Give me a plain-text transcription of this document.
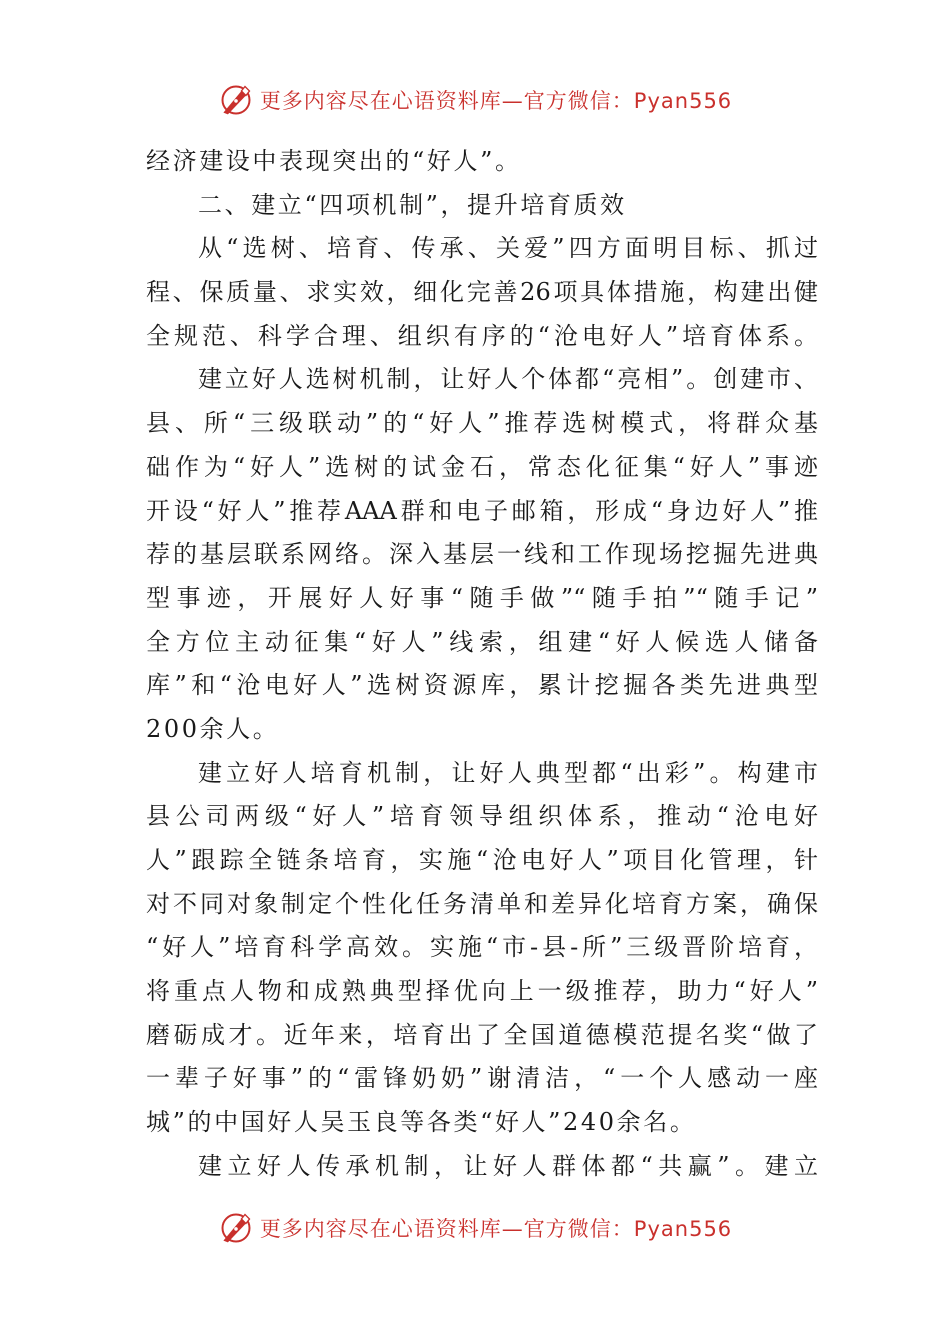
更多内容尽在心语资料库—官方微信：Pyan556
经济建设中表现突出的“好人”。
二、建立“四项机制”，提升培育质效
从“选树、培育、传承、关爱”四方面明目标、抓过
程、保质量、求实效，细化完善26项具体措施，构建出健
全规范、科学合理、组织有序的“沧电好人”培育体系。
建立好人选树机制，让好人个体都“亮相”。创建市、
县、所“三级联动”的“好人”推荐选树模式，将群众基
础作为“好人”选树的试金石，常态化征集“好人”事迹
开设“好人”推荐AAA群和电子邮箱，形成“身边好人”推
荐的基层联系网络。深入基层一线和工作现场挖掘先进典
型事迹，开展好人好事“随手做”“随手拍”“随手记”
全方位主动征集“好人”线索，组建“好人候选人储备
库”和“沧电好人”选树资源库，累计挖掘各类先进典型
200余人。
建立好人培育机制，让好人典型都“出彩”。构建市
县公司两级“好人”培育领导组织体系，推动“沧电好
人”跟踪全链条培育，实施“沧电好人”项目化管理，针
对不同对象制定个性化任务清单和差异化培育方案，确保
“好人”培育科学高效。实施“市-县-所”三级晋阶培育，
将重点人物和成熟典型择优向上一级推荐，助力“好人”
磨砺成才。近年来，培育出了全国道德模范提名奖“做了
一辈子好事”的“雷锋奶奶”谢清洁，“一个人感动一座
城”的中国好人吴玉良等各类“好人”240余名。
建立好人传承机制，让好人群体都“共赢”。建立
更多内容尽在心语资料库—官方微信：Pyan556
